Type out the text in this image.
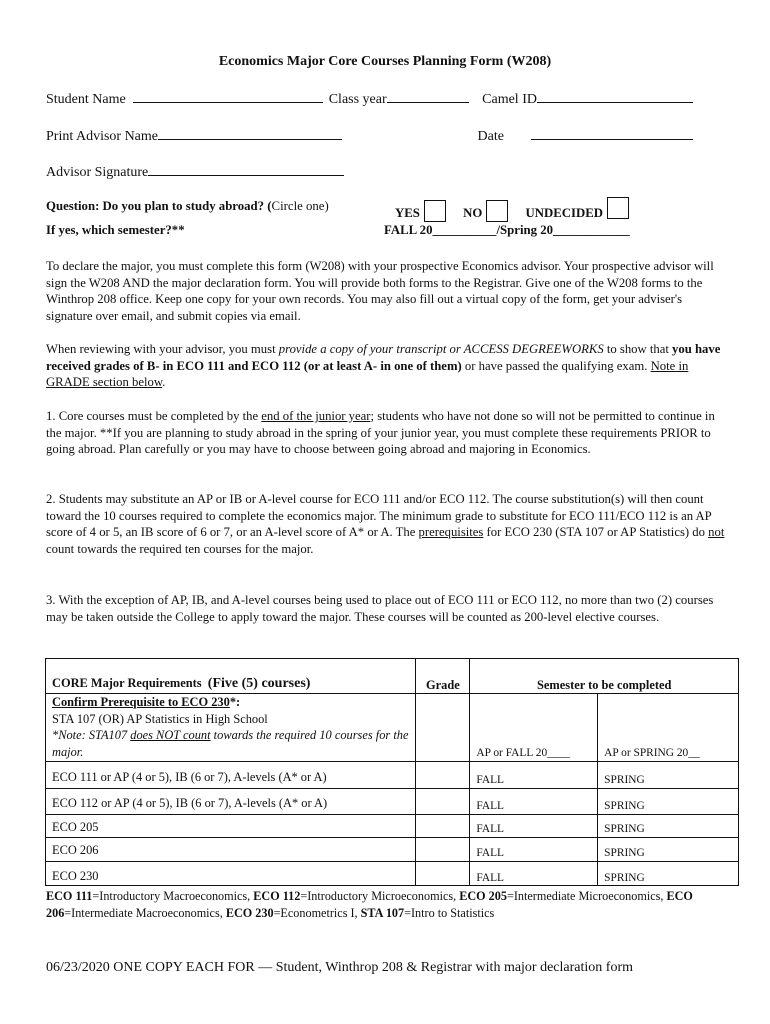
Economics Major Core Courses Planning Form (W208)
Student Name	Class year	Camel ID
Print Advisor Name	Date
Advisor Signature
Question: Do you plan to study abroad? (Circle one)	YES	NO	UNDECIDED
If yes, which semester?**	FALL 20__________/Spring 20____________

To declare the major, you must complete this form (W208) with your prospective Economics advisor. Your prospective advisor will sign the W208 AND the major declaration form. You will provide both forms to the Registrar. Give one of the W208 forms to the Winthrop 208 office. Keep one copy for your own records. You may also fill out a virtual copy of the form, get your adviser's signature over email, and submit copies via email.

When reviewing with your advisor, you must provide a copy of your transcript or ACCESS DEGREEWORKS to show that you have received grades of B- in ECO 111 and ECO 112 (or at least A- in one of them) or have passed the qualifying exam. Note in GRADE section below.

1. Core courses must be completed by the end of the junior year; students who have not done so will not be permitted to continue in the major. **If you are planning to study abroad in the spring of your junior year, you must complete these requirements PRIOR to going abroad. Plan carefully or you may have to choose between going abroad and majoring in Economics.

2. Students may substitute an AP or IB or A-level course for ECO 111 and/or ECO 112. The course substitution(s) will then count toward the 10 courses required to complete the economics major. The minimum grade to substitute for ECO 111/ECO 112 is an AP score of 4 or 5, an IB score of 6 or 7, or an A-level score of A* or A. The prerequisites for ECO 230 (STA 107 or AP Statistics) do not count towards the required ten courses for the major.

3. With the exception of AP, IB, and A-level courses being used to place out of ECO 111 or ECO 112, no more than two (2) courses may be taken outside the College to apply toward the major. These courses will be counted as 200-level elective courses.

CORE Major Requirements (Five (5) courses)	Grade	Semester to be completed	

Confirm Prerequisite to ECO 230*:
STA 107 (OR) AP Statistics in High School
*Note: STA107 does NOT count towards the required 10 courses for the major.		AP or FALL 20____	AP or SPRING 20__
ECO 111 or AP (4 or 5), IB (6 or 7), A-levels (A* or A)		FALL	SPRING
ECO 112 or AP (4 or 5), IB (6 or 7), A-levels (A* or A)		FALL	SPRING
ECO 205		FALL	SPRING
ECO 206		FALL	SPRING
ECO 230		FALL	SPRING
ECO 111=Introductory Macroeconomics, ECO 112=Introductory Microeconomics, ECO 205=Intermediate Microeconomics, ECO 206=Intermediate Macroeconomics, ECO 230=Econometrics I, STA 107=Intro to Statistics
06/23/2020 ONE COPY EACH FOR — Student, Winthrop 208 & Registrar with major declaration form
